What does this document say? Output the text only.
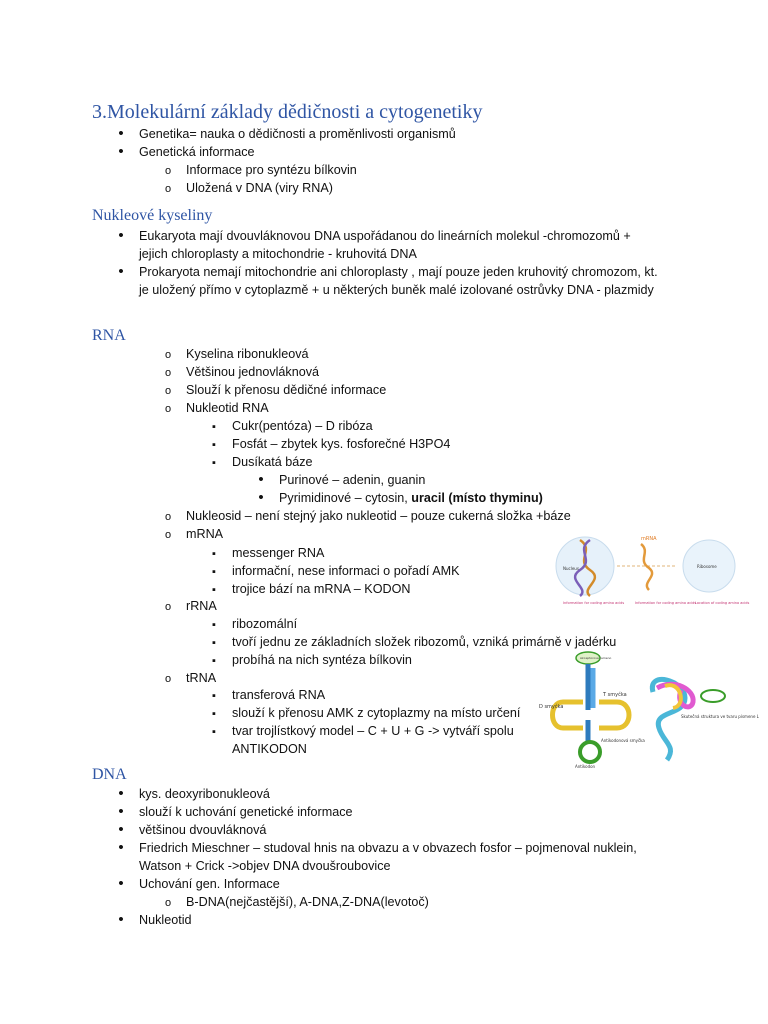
3.Molekulární základy dědičnosti a cytogenetiky
•
Genetika= nauka o dědičnosti a proměnlivosti organismů
•
Genetická informace
o
Informace pro syntézu bílkovin
o
Uložená v DNA (viry RNA)
Nukleové kyseliny
•
Eukaryota mají dvouvláknovou DNA uspořádanou do lineárních molekul -chromozomů + jejich chloroplasty a mitochondrie - kruhovitá DNA
•
Prokaryota nemají mitochondrie ani chloroplasty , mají pouze jeden kruhovitý chromozom, kt. je uložený přímo v cytoplazmě + u některých buněk malé izolované ostrůvky DNA - plazmidy
RNA
o
Kyselina ribonukleová
o
Většinou jednovláknová
o
Slouží k přenosu dědičné informace
o
Nukleotid RNA
▪
Cukr(pentóza) – D ribóza
▪
Fosfát – zbytek kys. fosforečné H3PO4
▪
Dusíkatá báze
•
Purinové – adenin, guanin
•
Pyrimidinové – cytosin, uracil (místo thyminu)
o
Nukleosid – není stejný jako nukleotid – pouze cukerná složka +báze
o
mRNA
▪
messenger RNA
▪
informační, nese informaci o pořadí AMK
▪
trojice bází na mRNA – KODON
o
rRNA
▪
ribozomální
▪
tvoří jednu ze základních složek ribozomů, vzniká primárně v jadérku
▪
probíhá na nich syntéza bílkovin
o
tRNA
▪
transferová RNA
▪
slouží k přenosu AMK z cytoplazmy na místo určení
▪
tvar trojlístkový model – C + U + G -> vytváří spolu ANTIKODON
DNA
•
kys. deoxyribonukleová
•
slouží k uchování genetické informace
•
většinou dvouvláknová
•
Friedrich Mieschner – studoval hnis na obvazu a v obvazech fosfor – pojmenoval nuklein, Watson + Crick ->objev DNA dvoušroubovice
•
Uchování gen. Informace
o
B-DNA(nejčastější), A-DNA,Z-DNA(levotoč)
•
Nukleotid
Nucleus
mRNA
Ribosome
Information for coding amino acids	Information for coding amino acids
Location of coding amino acids
D smyčka
T smyčka
Antikodonová smyčka
Antikodon
Akceptorové rameno
Skutečná struktura ve tvaru písmene L
